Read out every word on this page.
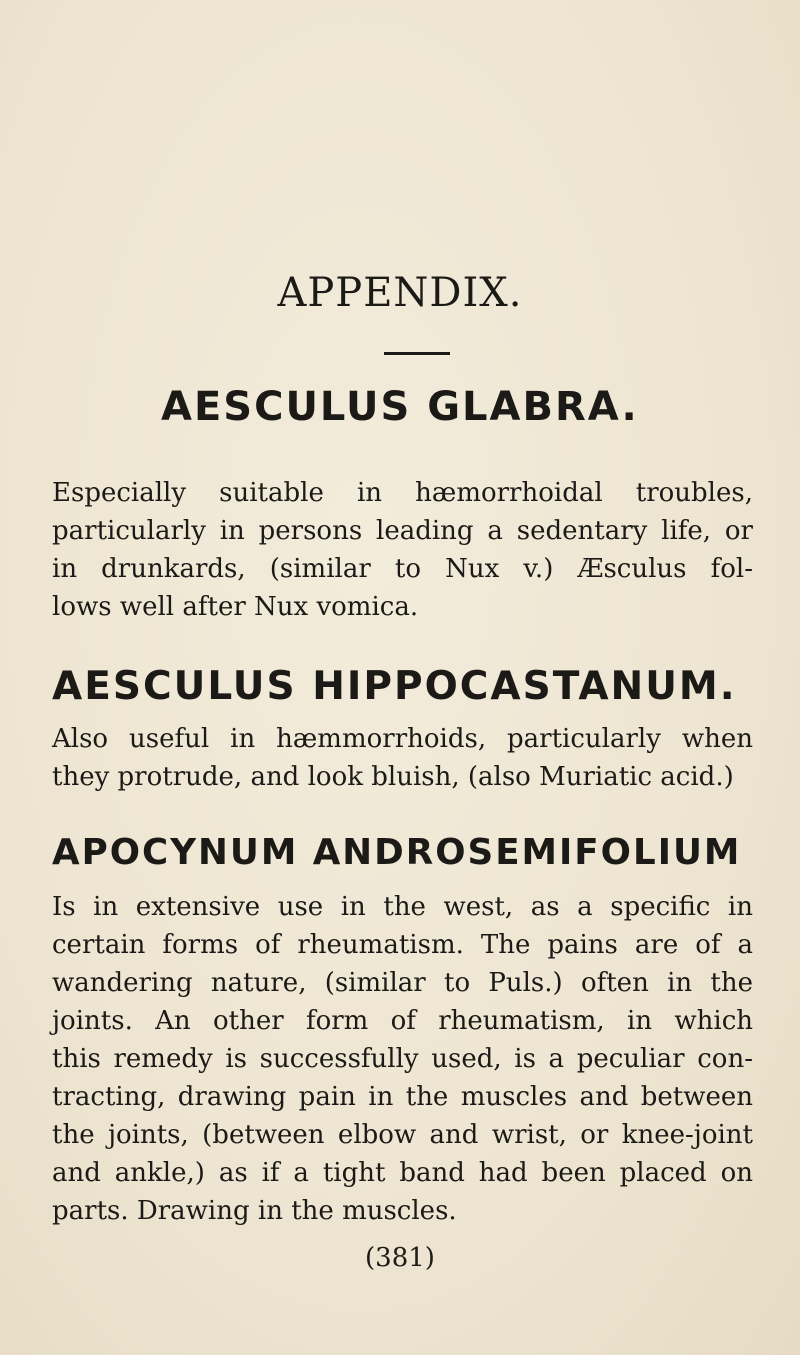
APPENDIX.
AESCULUS GLABRA.
Especially suitable in hæmorrhoidal troubles,
particularly in persons leading a sedentary life, or
in drunkards, (similar to Nux v.) Æsculus fol-
lows well after Nux vomica.
AESCULUS HIPPOCASTANUM.
Also useful in hæmmorrhoids, particularly when
they protrude, and look bluish, (also Muriatic acid.)
APOCYNUM ANDROSEMIFOLIUM
Is in extensive use in the west, as a specific in
certain forms of rheumatism. The pains are of a
wandering nature, (similar to Puls.) often in the
joints. An other form of rheumatism, in which
this remedy is successfully used, is a peculiar con-
tracting, drawing pain in the muscles and between
the joints, (between elbow and wrist, or knee-joint
and ankle,) as if a tight band had been placed on
parts. Drawing in the muscles.
(381)
